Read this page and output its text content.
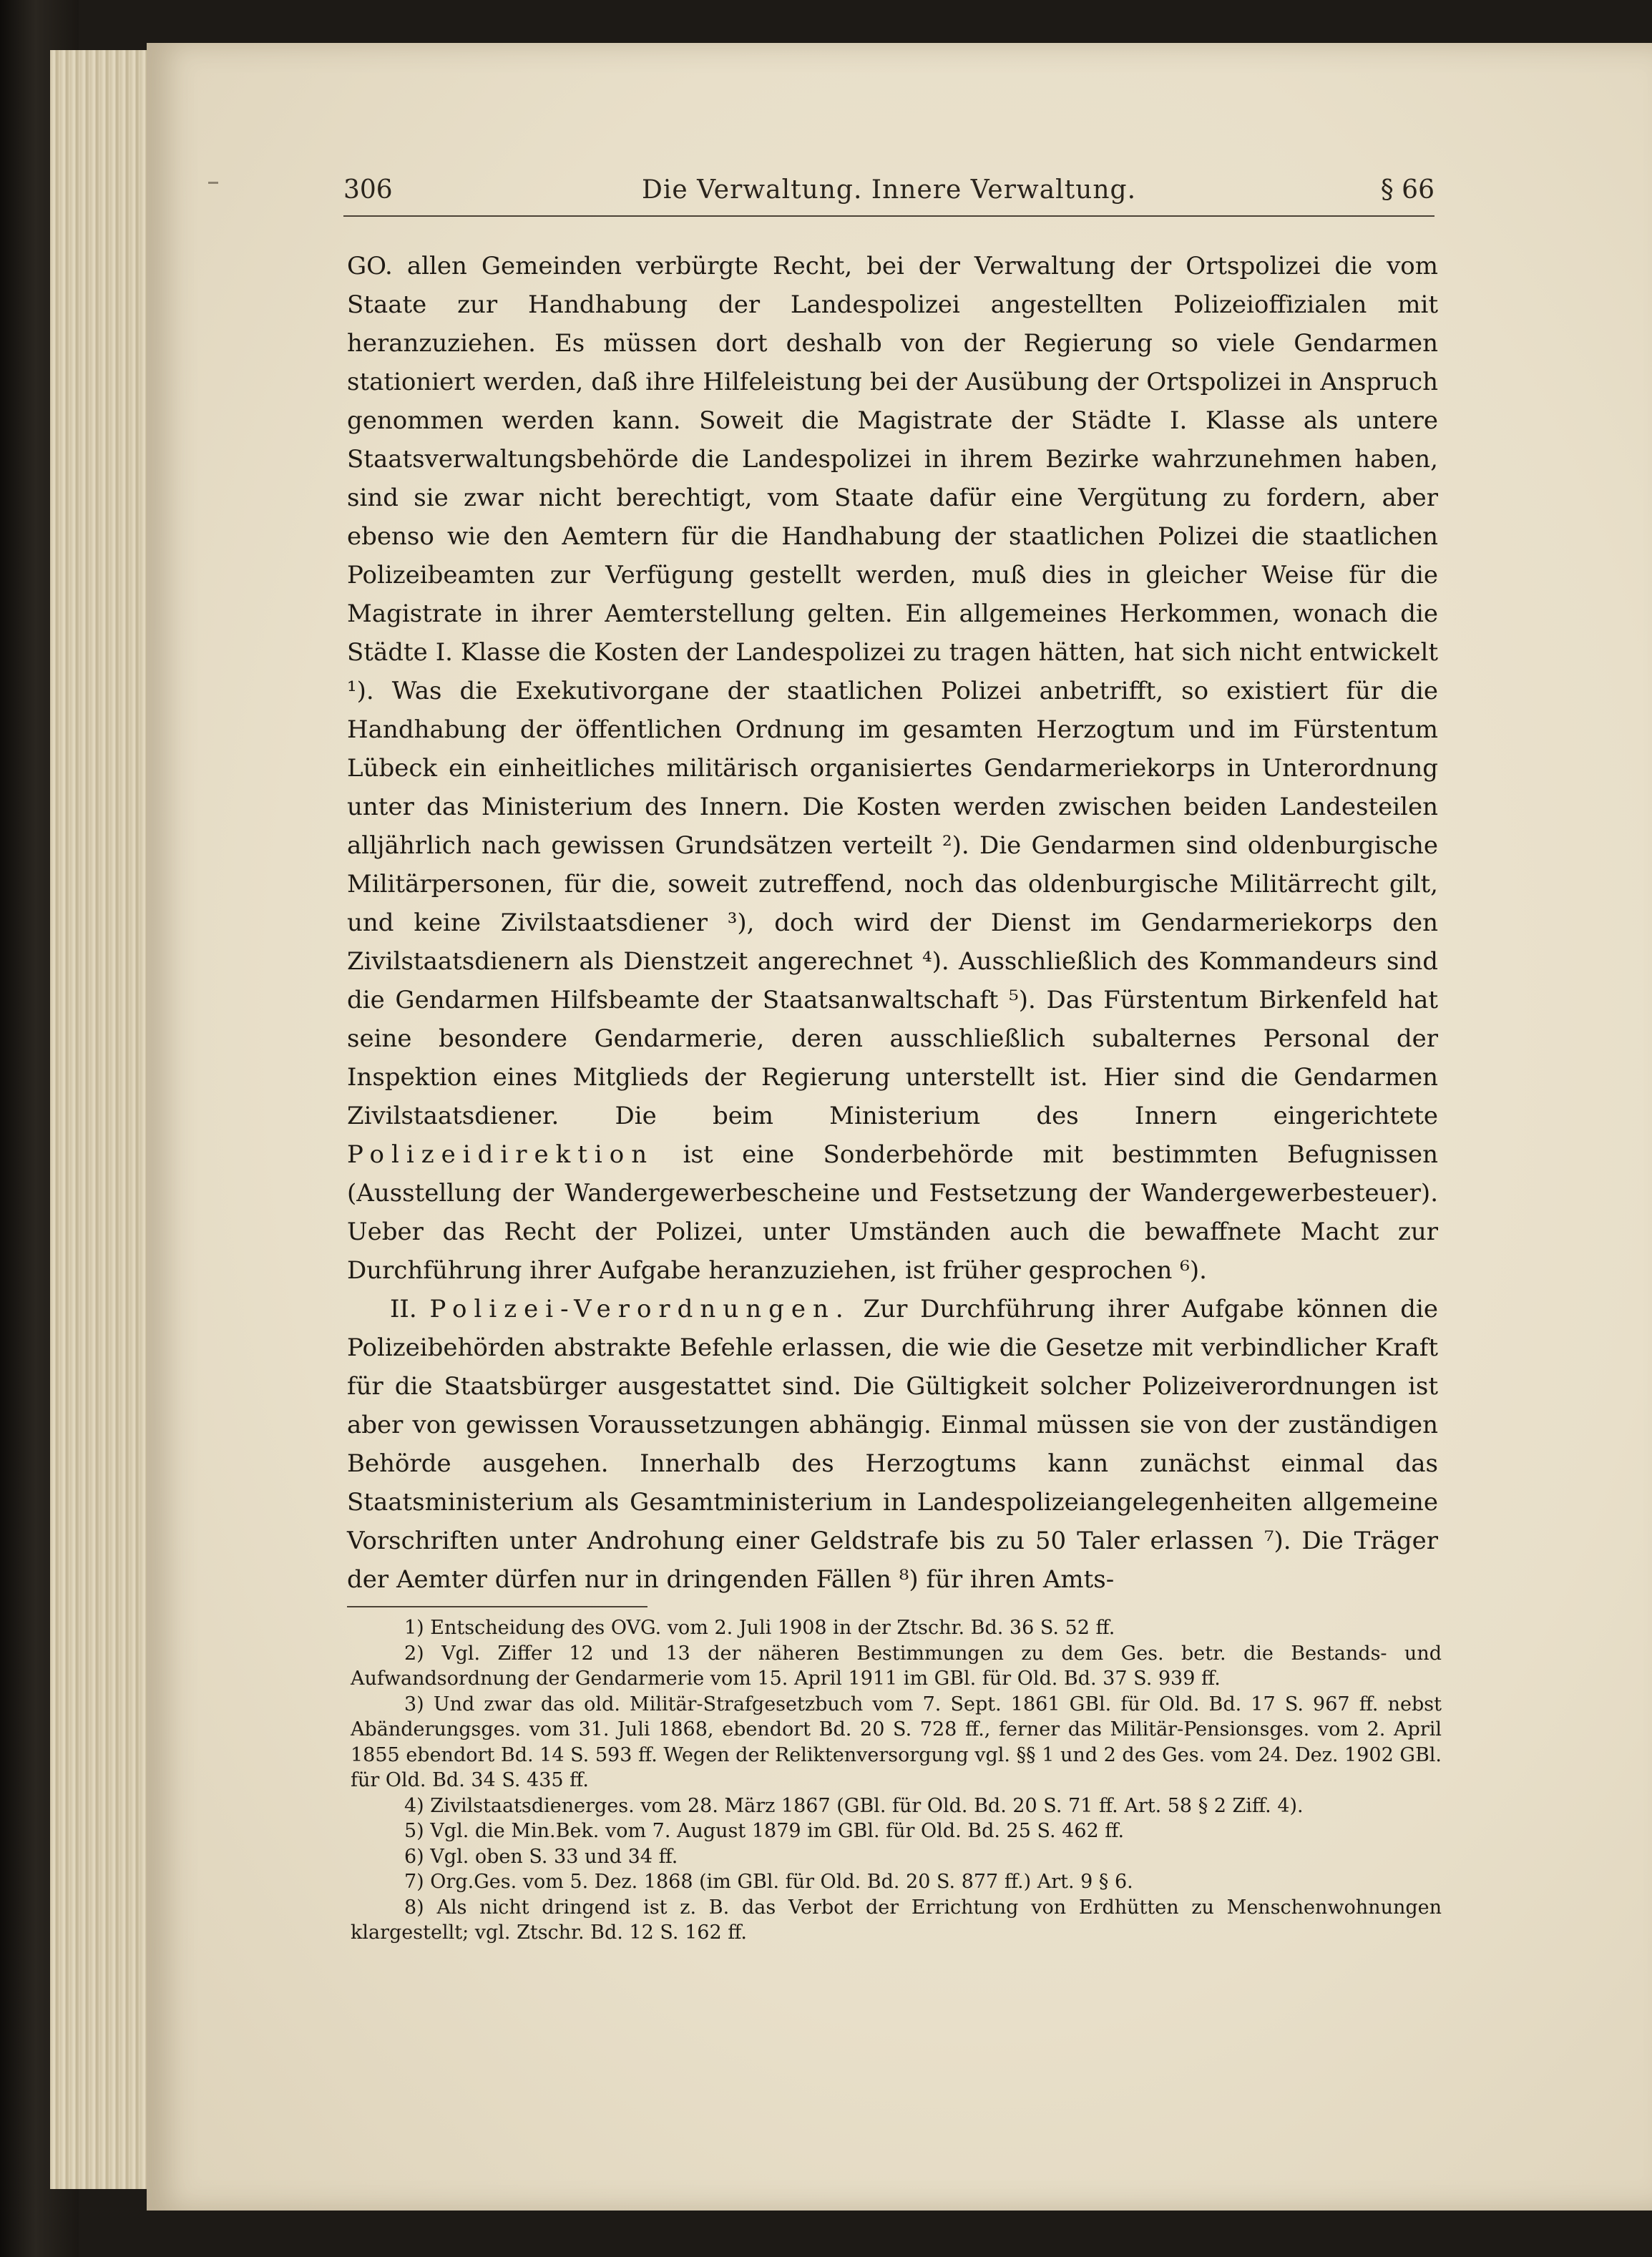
306	Die Verwaltung. Innere Verwaltung.	§ 66

GO. allen Gemeinden verbürgte Recht, bei der Verwaltung der Ortspolizei die vom Staate zur Handhabung der Landespolizei angestellten Polizeioffizialen mit heranzuziehen. Es müssen dort deshalb von der Regierung so viele Gendarmen stationiert werden, daß ihre Hilfeleistung bei der Ausübung der Ortspolizei in Anspruch genommen werden kann. Soweit die Magistrate der Städte I. Klasse als untere Staatsverwaltungsbehörde die Landespolizei in ihrem Bezirke wahrzunehmen haben, sind sie zwar nicht berechtigt, vom Staate dafür eine Vergütung zu fordern, aber ebenso wie den Aemtern für die Handhabung der staatlichen Polizei die staatlichen Polizeibeamten zur Verfügung gestellt werden, muß dies in gleicher Weise für die Magistrate in ihrer Aemterstellung gelten. Ein allgemeines Herkommen, wonach die Städte I. Klasse die Kosten der Landespolizei zu tragen hätten, hat sich nicht entwickelt ¹). Was die Exekutivorgane der staatlichen Polizei anbetrifft, so existiert für die Handhabung der öffentlichen Ordnung im gesamten Herzogtum und im Fürstentum Lübeck ein einheitliches militärisch organisiertes Gendarmeriekorps in Unterordnung unter das Ministerium des Innern. Die Kosten werden zwischen beiden Landesteilen alljährlich nach gewissen Grundsätzen verteilt ²). Die Gendarmen sind oldenburgische Militärpersonen, für die, soweit zutreffend, noch das oldenburgische Militärrecht gilt, und keine Zivilstaatsdiener ³), doch wird der Dienst im Gendarmeriekorps den Zivilstaatsdienern als Dienstzeit angerechnet ⁴). Ausschließlich des Kommandeurs sind die Gendarmen Hilfsbeamte der Staatsanwaltschaft ⁵). Das Fürstentum Birkenfeld hat seine besondere Gendarmerie, deren ausschließlich subalternes Personal der Inspektion eines Mitglieds der Regierung unterstellt ist. Hier sind die Gendarmen Zivilstaatsdiener. Die beim Ministerium des Innern eingerichtete Polizeidirektion ist eine Sonderbehörde mit bestimmten Befugnissen (Ausstellung der Wandergewerbescheine und Festsetzung der Wandergewerbesteuer). Ueber das Recht der Polizei, unter Umständen auch die bewaffnete Macht zur Durchführung ihrer Aufgabe heranzuziehen, ist früher gesprochen ⁶).

II. Polizei-Verordnungen. Zur Durchführung ihrer Aufgabe können die Polizeibehörden abstrakte Befehle erlassen, die wie die Gesetze mit verbindlicher Kraft für die Staatsbürger ausgestattet sind. Die Gültigkeit solcher Polizeiverordnungen ist aber von gewissen Voraussetzungen abhängig. Einmal müssen sie von der zuständigen Behörde ausgehen. Innerhalb des Herzogtums kann zunächst einmal das Staatsministerium als Gesamtministerium in Landespolizeiangelegenheiten allgemeine Vorschriften unter Androhung einer Geldstrafe bis zu 50 Taler erlassen ⁷). Die Träger der Aemter dürfen nur in dringenden Fällen ⁸) für ihren Amts-

1) Entscheidung des OVG. vom 2. Juli 1908 in der Ztschr. Bd. 36 S. 52 ff.

2) Vgl. Ziffer 12 und 13 der näheren Bestimmungen zu dem Ges. betr. die Bestands- und Aufwandsordnung der Gendarmerie vom 15. April 1911 im GBl. für Old. Bd. 37 S. 939 ff.

3) Und zwar das old. Militär-Strafgesetzbuch vom 7. Sept. 1861 GBl. für Old. Bd. 17 S. 967 ff. nebst Abänderungsges. vom 31. Juli 1868, ebendort Bd. 20 S. 728 ff., ferner das Militär-Pensionsges. vom 2. April 1855 ebendort Bd. 14 S. 593 ff. Wegen der Reliktenversorgung vgl. §§ 1 und 2 des Ges. vom 24. Dez. 1902 GBl. für Old. Bd. 34 S. 435 ff.

4) Zivilstaatsdienerges. vom 28. März 1867 (GBl. für Old. Bd. 20 S. 71 ff. Art. 58 § 2 Ziff. 4).

5) Vgl. die Min.Bek. vom 7. August 1879 im GBl. für Old. Bd. 25 S. 462 ff.

6) Vgl. oben S. 33 und 34 ff.

7) Org.Ges. vom 5. Dez. 1868 (im GBl. für Old. Bd. 20 S. 877 ff.) Art. 9 § 6.

8) Als nicht dringend ist z. B. das Verbot der Errichtung von Erdhütten zu Menschenwohnungen klargestellt; vgl. Ztschr. Bd. 12 S. 162 ff.
